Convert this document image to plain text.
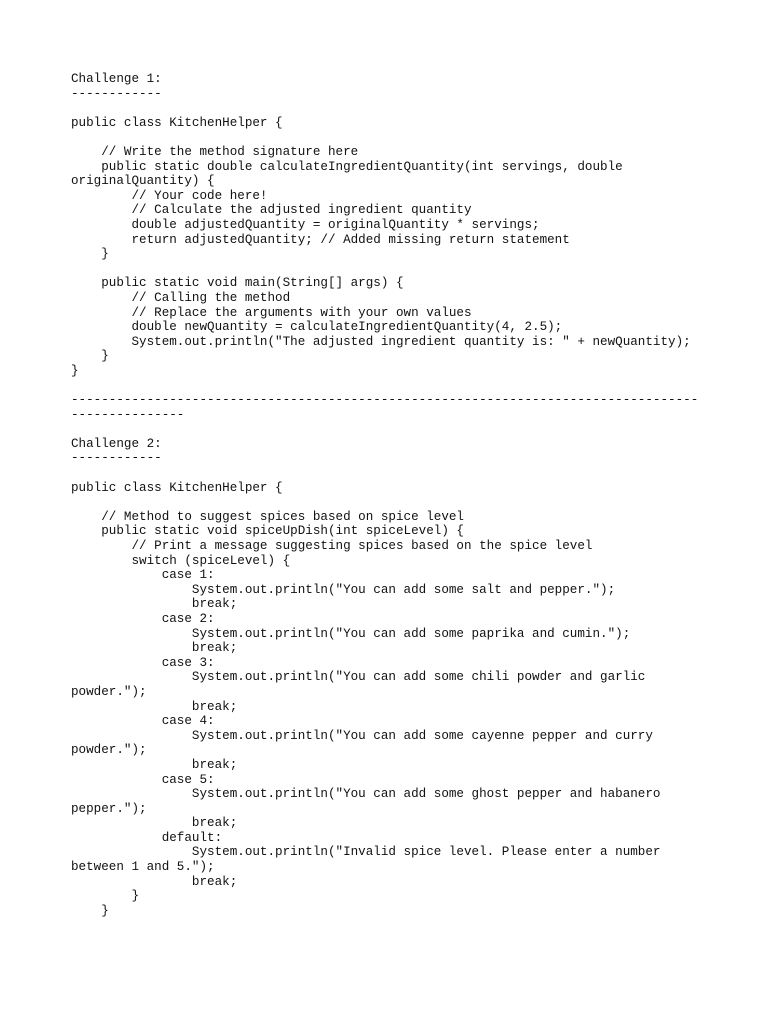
Challenge 1:
------------
public class KitchenHelper {
// Write the method signature here
public static double calculateIngredientQuantity(int servings, double
originalQuantity) {
// Your code here!
// Calculate the adjusted ingredient quantity
double adjustedQuantity = originalQuantity * servings;
return adjustedQuantity; // Added missing return statement
}
public static void main(String[] args) {
// Calling the method
// Replace the arguments with your own values
double newQuantity = calculateIngredientQuantity(4, 2.5);
System.out.println("The adjusted ingredient quantity is: " + newQuantity);
}
}
-----------------------------------------------------------------------------------
---------------
Challenge 2:
------------
public class KitchenHelper {
// Method to suggest spices based on spice level
public static void spiceUpDish(int spiceLevel) {
// Print a message suggesting spices based on the spice level
switch (spiceLevel) {
case 1:
System.out.println("You can add some salt and pepper.");
break;
case 2:
System.out.println("You can add some paprika and cumin.");
break;
case 3:
System.out.println("You can add some chili powder and garlic
powder.");
break;
case 4:
System.out.println("You can add some cayenne pepper and curry
powder.");
break;
case 5:
System.out.println("You can add some ghost pepper and habanero
pepper.");
break;
default:
System.out.println("Invalid spice level. Please enter a number
between 1 and 5.");
break;
}
}
